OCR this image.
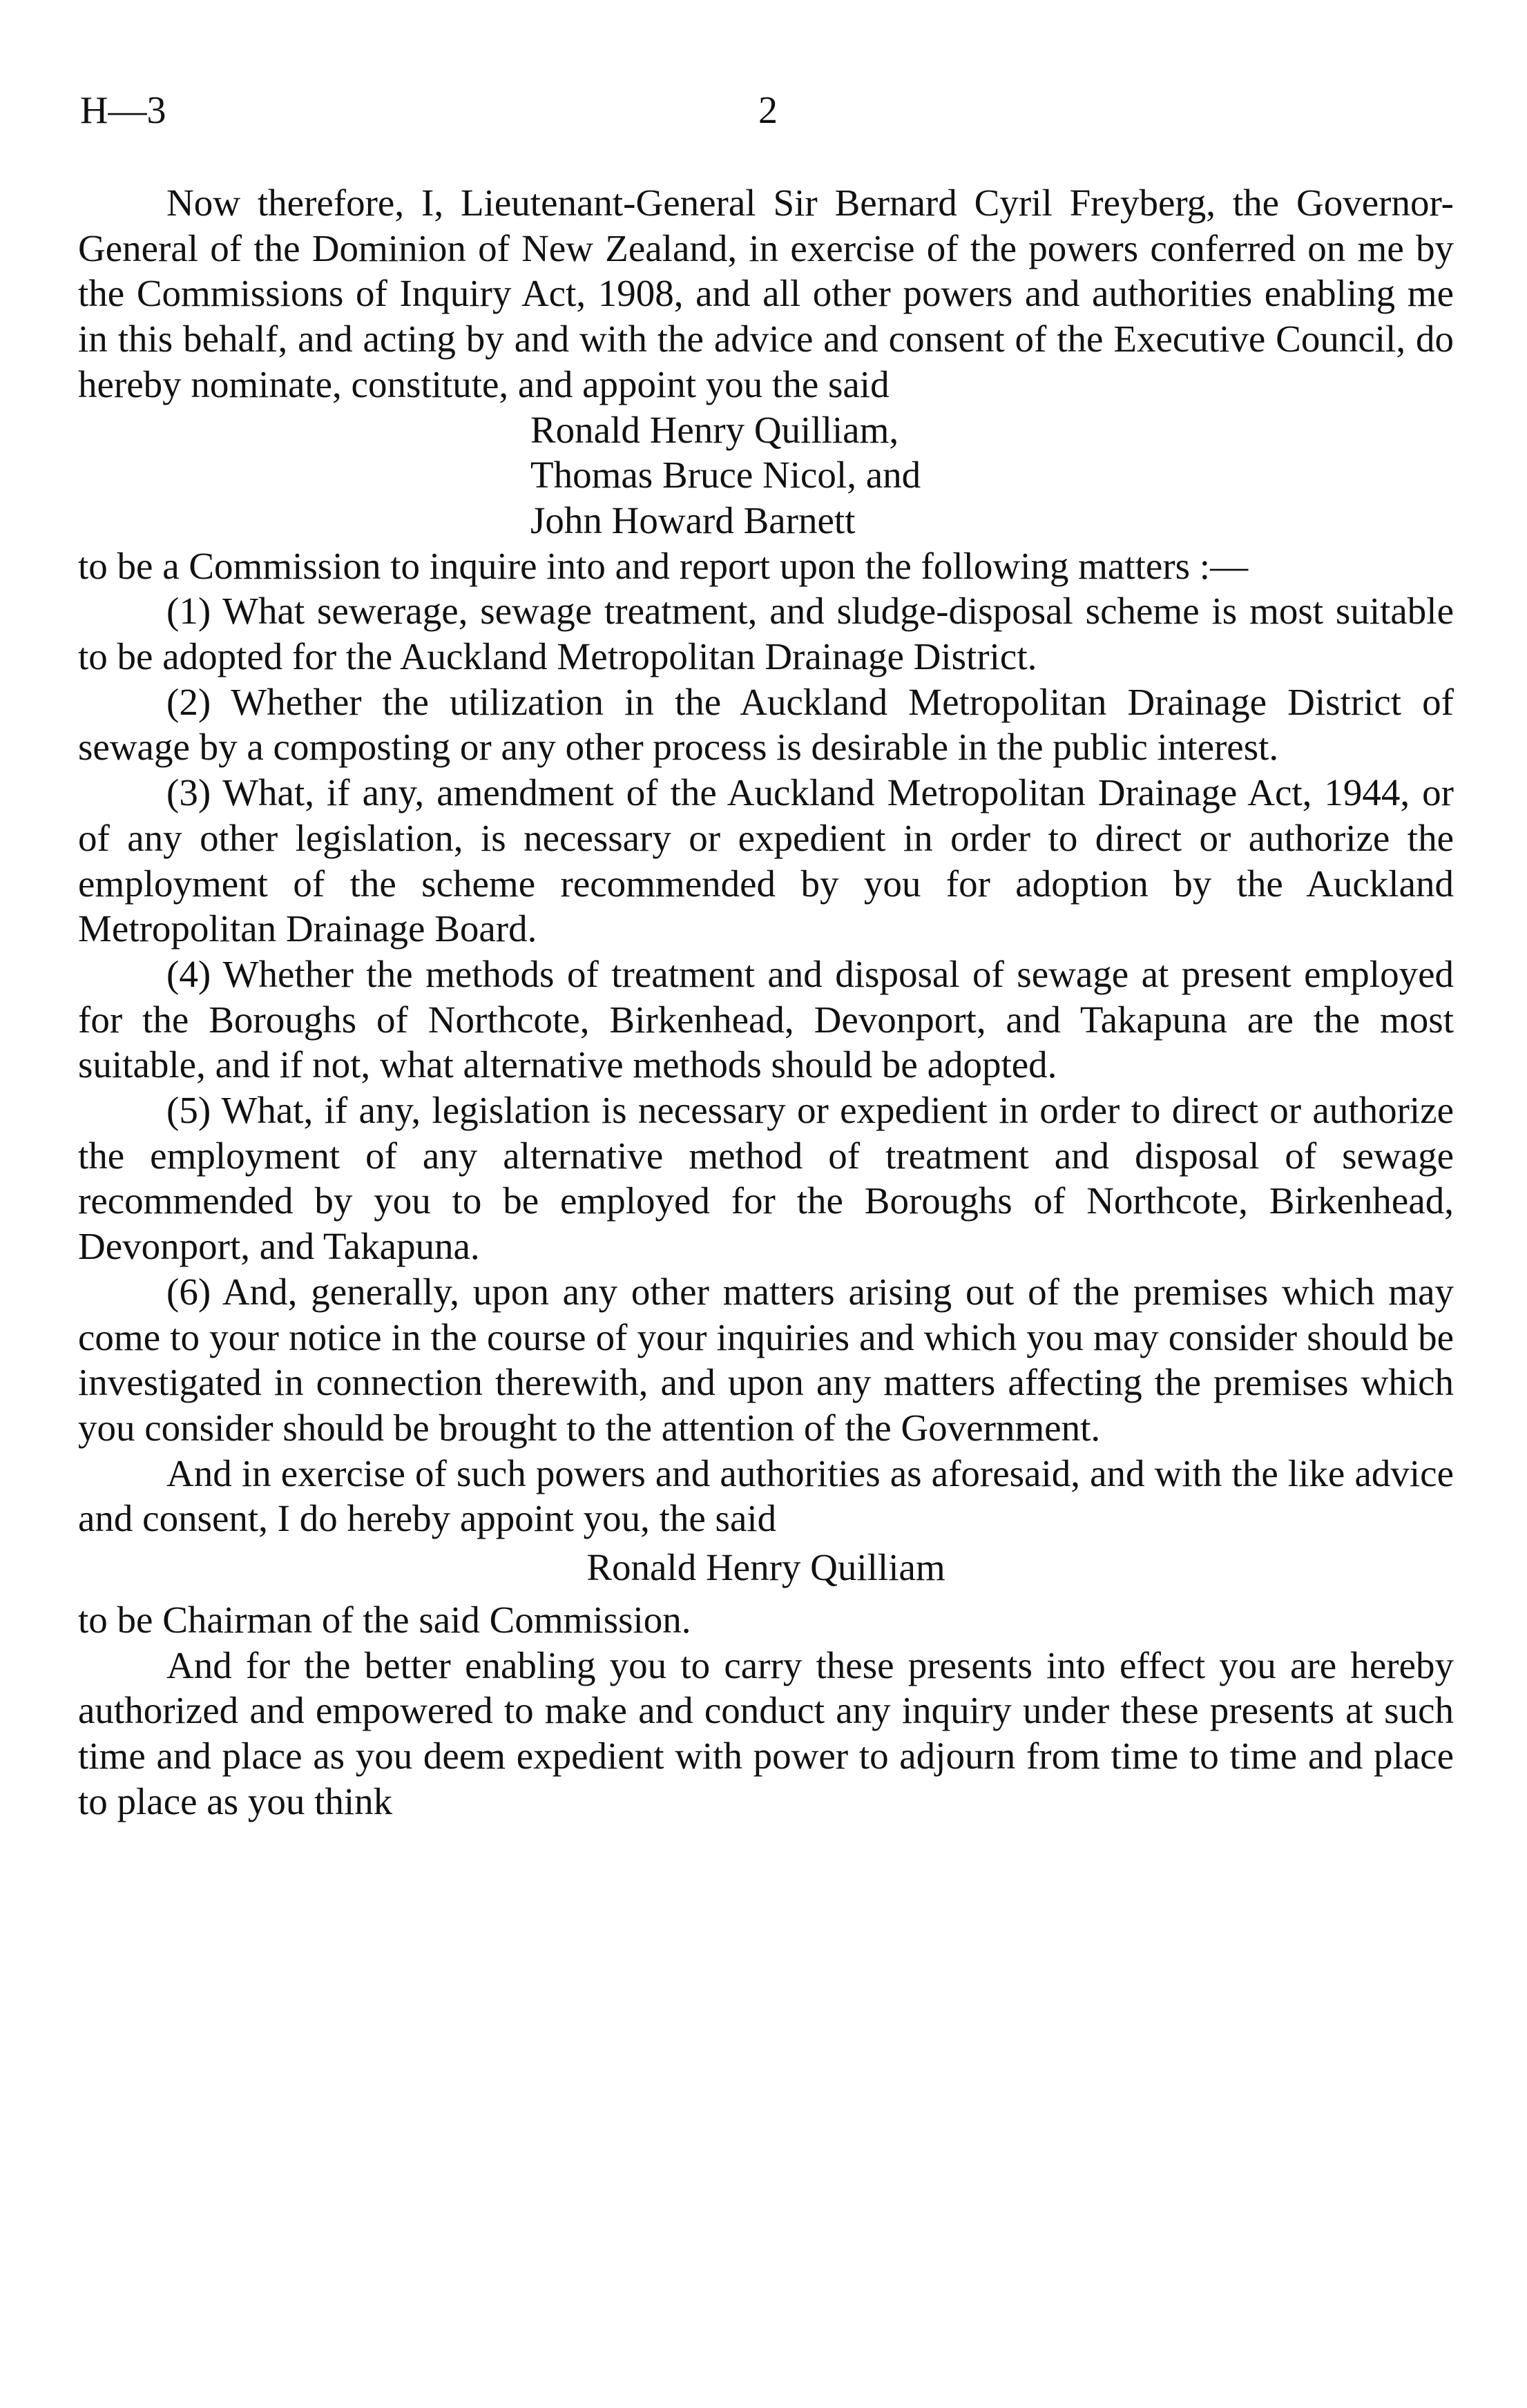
H—3	2

Now therefore, I, Lieutenant-General Sir Bernard Cyril Freyberg, the Governor-General of the Dominion of New Zealand, in exercise of the powers conferred on me by the Commissions of Inquiry Act, 1908, and all other powers and authorities enabling me in this behalf, and acting by and with the advice and consent of the Executive Council, do hereby nominate, constitute, and appoint you the said

Ronald Henry Quilliam,
Thomas Bruce Nicol, and
John Howard Barnett

to be a Commission to inquire into and report upon the following matters :—

(1) What sewerage, sewage treatment, and sludge-disposal scheme is most suitable to be adopted for the Auckland Metropolitan Drainage District.

(2) Whether the utilization in the Auckland Metropolitan Drainage District of sewage by a composting or any other process is desirable in the public interest.

(3) What, if any, amendment of the Auckland Metropolitan Drainage Act, 1944, or of any other legislation, is necessary or expedient in order to direct or authorize the employment of the scheme recommended by you for adoption by the Auckland Metropolitan Drainage Board.

(4) Whether the methods of treatment and disposal of sewage at present employed for the Boroughs of Northcote, Birkenhead, Devonport, and Takapuna are the most suitable, and if not, what alternative methods should be adopted.

(5) What, if any, legislation is necessary or expedient in order to direct or authorize the employment of any alternative method of treatment and disposal of sewage recommended by you to be employed for the Boroughs of Northcote, Birkenhead, Devonport, and Takapuna.

(6) And, generally, upon any other matters arising out of the premises which may come to your notice in the course of your inquiries and which you may consider should be investigated in connection therewith, and upon any matters affecting the premises which you consider should be brought to the attention of the Government.

And in exercise of such powers and authorities as aforesaid, and with the like advice and consent, I do hereby appoint you, the said

Ronald Henry Quilliam

to be Chairman of the said Commission.

And for the better enabling you to carry these presents into effect you are hereby authorized and empowered to make and conduct any inquiry under these presents at such time and place as you deem expedient with power to adjourn from time to time and place to place as you think
